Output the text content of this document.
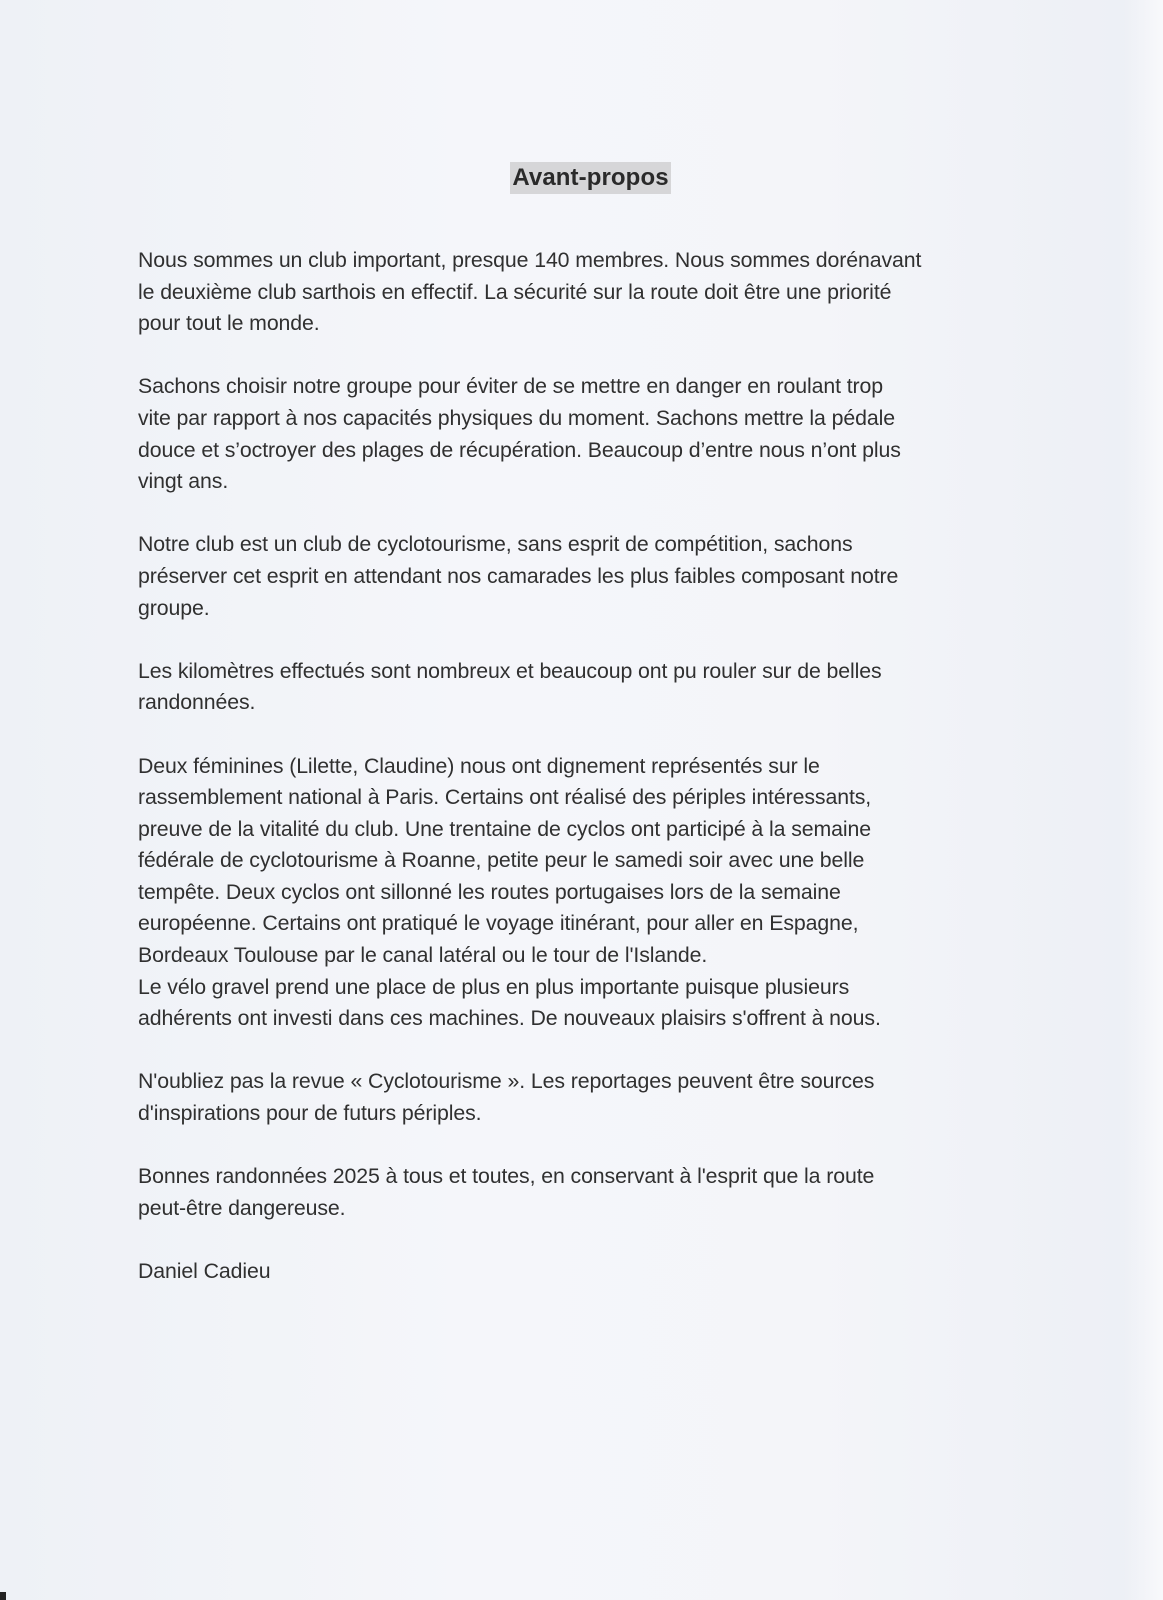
Avant-propos

Nous sommes un club important, presque 140 membres. Nous sommes dorénavant
le deuxième club sarthois en effectif. La sécurité sur la route doit être une priorité
pour tout le monde.

Sachons choisir notre groupe pour éviter de se mettre en danger en roulant trop
vite par rapport à nos capacités physiques du moment. Sachons mettre la pédale
douce et s’octroyer des plages de récupération. Beaucoup d’entre nous n’ont plus
vingt ans.

Notre club est un club de cyclotourisme, sans esprit de compétition, sachons
préserver cet esprit en attendant nos camarades les plus faibles composant notre
groupe.

Les kilomètres effectués sont nombreux et beaucoup ont pu rouler sur de belles
randonnées.

Deux féminines (Lilette, Claudine) nous ont dignement représentés sur le
rassemblement national à Paris. Certains ont réalisé des périples intéressants,
preuve de la vitalité du club. Une trentaine de cyclos ont participé à la semaine
fédérale de cyclotourisme à Roanne, petite peur le samedi soir avec une belle
tempête. Deux cyclos ont sillonné les routes portugaises lors de la semaine
européenne. Certains ont pratiqué le voyage itinérant, pour aller en Espagne,
Bordeaux Toulouse par le canal latéral ou le tour de l'Islande.
Le vélo gravel prend une place de plus en plus importante puisque plusieurs
adhérents ont investi dans ces machines. De nouveaux plaisirs s'offrent à nous.

N'oubliez pas la revue « Cyclotourisme ». Les reportages peuvent être sources
d'inspirations pour de futurs périples.

Bonnes randonnées 2025 à tous et toutes, en conservant à l'esprit que la route
peut-être dangereuse.

Daniel Cadieu
